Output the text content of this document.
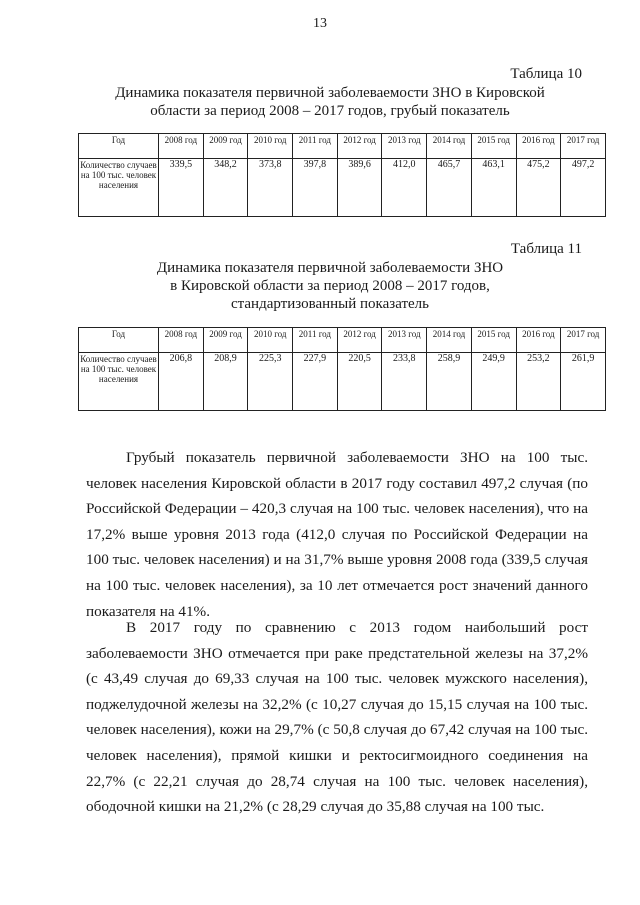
13
Таблица 10
Динамика показателя первичной заболеваемости ЗНО в Кировской
области за период 2008 – 2017 годов, грубый показатель
Год	2008 год	2009 год	2010 год	2011 год	2012 год	2013 год	2014 год	2015 год	2016 год	2017 год
Количество случаев на 100 тыс. человек населения	339,5	348,2	373,8	397,8	389,6	412,0	465,7	463,1	475,2	497,2
Таблица 11
Динамика показателя первичной заболеваемости ЗНО
в Кировской области за период 2008 – 2017 годов,
стандартизованный показатель
Год	2008 год	2009 год	2010 год	2011 год	2012 год	2013 год	2014 год	2015 год	2016 год	2017 год
Количество случаев на 100 тыс. человек населения	206,8	208,9	225,3	227,9	220,5	233,8	258,9	249,9	253,2	261,9

Грубый показатель первичной заболеваемости ЗНО на 100 тыс. человек населения Кировской области в 2017 году составил 497,2 случая (по Российской Федерации – 420,3 случая на 100 тыс. человек населения), что на 17,2% выше уровня 2013 года (412,0 случая по Российской Федерации на 100 тыс. человек населения) и на 31,7% выше уровня 2008 года (339,5 случая на 100 тыс. человек населения), за 10 лет отмечается рост значений данного показателя на 41%.

В 2017 году по сравнению с 2013 годом наибольший рост заболеваемости ЗНО отмечается при раке предстательной железы на 37,2% (с 43,49 случая до 69,33 случая на 100 тыс. человек мужского населения), поджелудочной железы на 32,2% (с 10,27 случая до 15,15 случая на 100 тыс. человек населения), кожи на 29,7% (с 50,8 случая до 67,42 случая на 100 тыс. человек населения), прямой кишки и ректосигмоидного соединения на 22,7% (с 22,21 случая до 28,74 случая на 100 тыс. человек населения), ободочной кишки на 21,2% (с 28,29 случая до 35,88 случая на 100 тыс.
